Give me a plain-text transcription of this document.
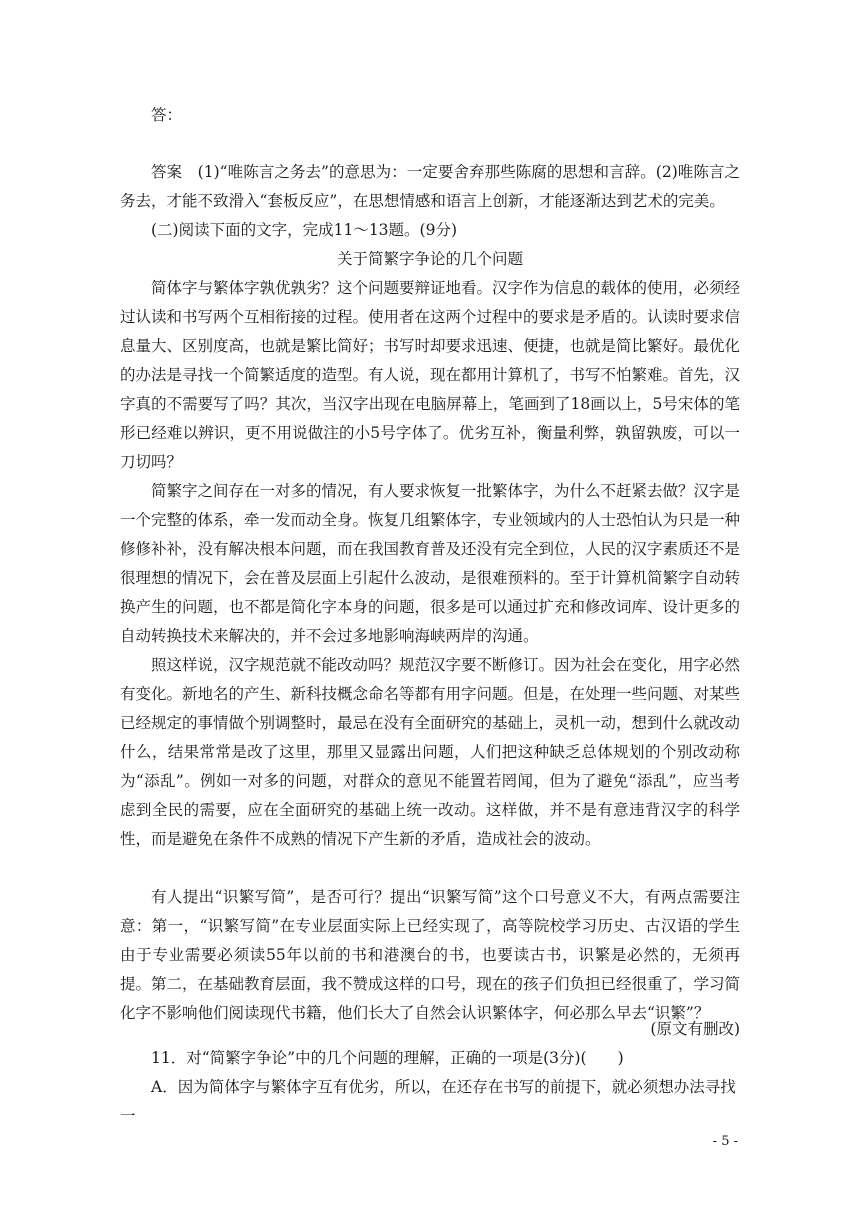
答：
答案　(1)“唯陈言之务去”的意思为：一定要舍弃那些陈腐的思想和言辞。(2)唯陈言之务去，才能不致滑入“套板反应”，在思想情感和语言上创新，才能逐渐达到艺术的完美。
(二)阅读下面的文字，完成11～13题。(9分)
关于简繁字争论的几个问题
简体字与繁体字孰优孰劣？这个问题要辩证地看。汉字作为信息的载体的使用，必须经过认读和书写两个互相衔接的过程。使用者在这两个过程中的要求是矛盾的。认读时要求信息量大、区别度高，也就是繁比简好；书写时却要求迅速、便捷，也就是简比繁好。最优化的办法是寻找一个简繁适度的造型。有人说，现在都用计算机了，书写不怕繁难。首先，汉字真的不需要写了吗？其次，当汉字出现在电脑屏幕上，笔画到了18画以上，5号宋体的笔形已经难以辨识，更不用说做注的小5号字体了。优劣互补，衡量利弊，孰留孰废，可以一刀切吗？
简繁字之间存在一对多的情况，有人要求恢复一批繁体字，为什么不赶紧去做？汉字是一个完整的体系，牵一发而动全身。恢复几组繁体字，专业领域内的人士恐怕认为只是一种修修补补，没有解决根本问题，而在我国教育普及还没有完全到位，人民的汉字素质还不是很理想的情况下，会在普及层面上引起什么波动，是很难预料的。至于计算机简繁字自动转换产生的问题，也不都是简化字本身的问题，很多是可以通过扩充和修改词库、设计更多的自动转换技术来解决的，并不会过多地影响海峡两岸的沟通。
照这样说，汉字规范就不能改动吗？规范汉字要不断修订。因为社会在变化，用字必然有变化。新地名的产生、新科技概念命名等都有用字问题。但是，在处理一些问题、对某些已经规定的事情做个别调整时，最忌在没有全面研究的基础上，灵机一动，想到什么就改动什么，结果常常是改了这里，那里又显露出问题，人们把这种缺乏总体规划的个别改动称为“添乱”。例如一对多的问题，对群众的意见不能置若罔闻，但为了避免“添乱”，应当考虑到全民的需要，应在全面研究的基础上统一改动。这样做，并不是有意违背汉字的科学性，而是避免在条件不成熟的情况下产生新的矛盾，造成社会的波动。
有人提出“识繁写简”，是否可行？提出“识繁写简”这个口号意义不大，有两点需要注意：第一，“识繁写简”在专业层面实际上已经实现了，高等院校学习历史、古汉语的学生由于专业需要必须读55年以前的书和港澳台的书，也要读古书，识繁是必然的，无须再提。第二，在基础教育层面，我不赞成这样的口号，现在的孩子们负担已经很重了，学习简化字不影响他们阅读现代书籍，他们长大了自然会认识繁体字，何必那么早去“识繁”？
(原文有删改)
11．对“简繁字争论”中的几个问题的理解，正确的一项是(3分)(　　)
A．因为简体字与繁体字互有优劣，所以，在还存在书写的前提下，就必须想办法寻找一
- 5 -
